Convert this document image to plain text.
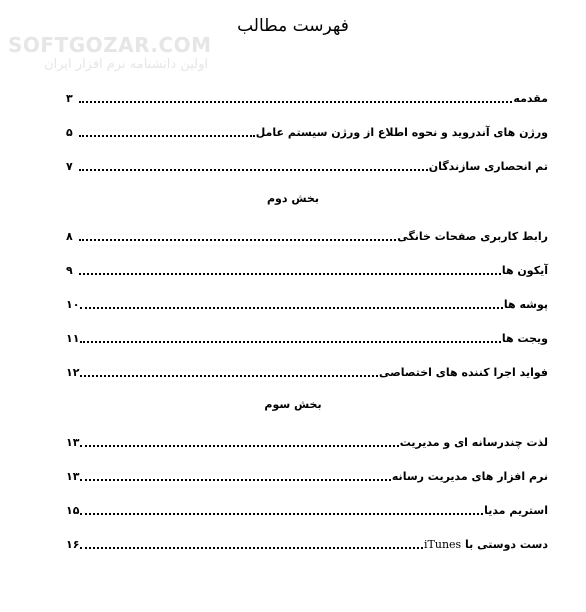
SOFTGOZAR.COM
اولین دانشنامه نرم افزار ایران
فهرست مطالب
مقدمه
۳
ورژن های آندروید و نحوه اطلاع از ورژن سیستم عامل
۵
تم انحصاری سازندگان
۷
بخش دوم
رابط کاربری صفحات خانگی
۸
آیکون ها
۹
پوشه ها
۱۰
ویجت ها
۱۱
فواید اجرا کننده های اختصاصی
۱۲
بخش سوم
لذت چندرسانه ای و مدیریت
۱۳
نرم افزار های مدیریت رسانه
۱۳
استریم مدیا
۱۵
دست دوستی با iTunes
۱۶
